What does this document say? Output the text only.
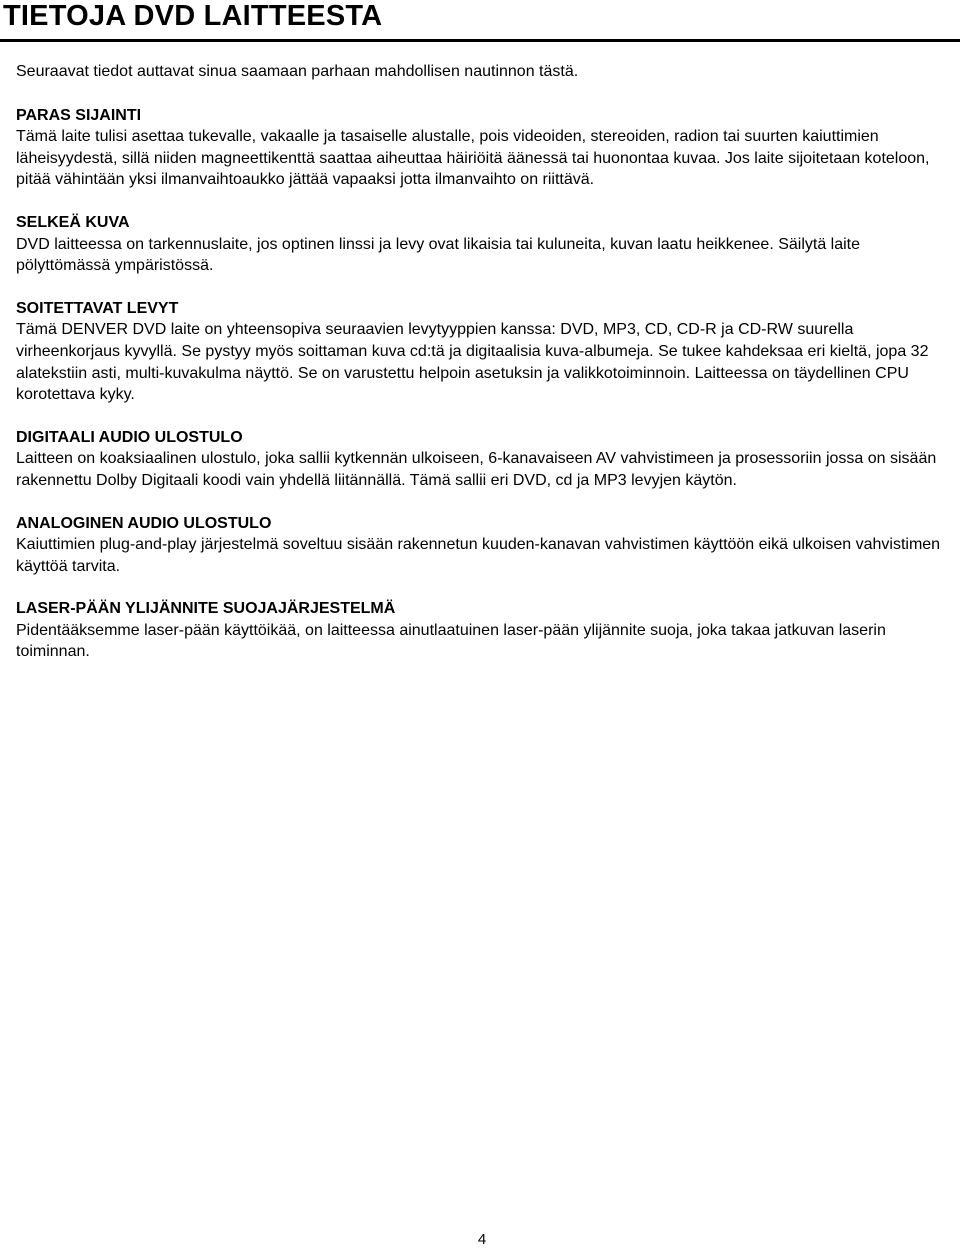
TIETOJA DVD LAITTEESTA

Seuraavat tiedot auttavat sinua saamaan parhaan mahdollisen nautinnon tästä.

PARAS SIJAINTI

Tämä laite tulisi asettaa tukevalle, vakaalle ja tasaiselle alustalle, pois videoiden, stereoiden, radion tai suurten kaiuttimien läheisyydestä, sillä niiden magneettikenttä saattaa aiheuttaa häiriöitä äänessä tai huonontaa kuvaa. Jos laite sijoitetaan koteloon, pitää vähintään yksi ilmanvaihtoaukko jättää vapaaksi jotta ilmanvaihto on riittävä.

SELKEÄ KUVA

DVD laitteessa on tarkennuslaite, jos optinen linssi ja levy ovat likaisia tai kuluneita, kuvan laatu heikkenee. Säilytä laite pölyttömässä ympäristössä.

SOITETTAVAT LEVYT

Tämä DENVER DVD laite on yhteensopiva seuraavien levytyyppien kanssa: DVD, MP3, CD, CD-R ja CD-RW suurella virheenkorjaus kyvyllä. Se pystyy myös soittaman kuva cd:tä ja digitaalisia kuva-albumeja. Se tukee kahdeksaa eri kieltä, jopa 32 alatekstiin asti, multi-kuvakulma näyttö. Se on varustettu helpoin asetuksin ja valikkotoiminnoin. Laitteessa on täydellinen CPU korotettava kyky.

DIGITAALI AUDIO ULOSTULO

Laitteen on koaksiaalinen ulostulo, joka sallii kytkennän ulkoiseen, 6-kanavaiseen AV vahvistimeen ja prosessoriin jossa on sisään rakennettu Dolby Digitaali koodi vain yhdellä liitännällä. Tämä sallii eri DVD, cd ja MP3 levyjen käytön.

ANALOGINEN AUDIO ULOSTULO

Kaiuttimien plug-and-play järjestelmä soveltuu sisään rakennetun kuuden-kanavan vahvistimen käyttöön eikä ulkoisen vahvistimen käyttöä tarvita.

LASER-PÄÄN YLIJÄNNITE SUOJAJÄRJESTELMÄ

Pidentääksemme laser-pään käyttöikää, on laitteessa ainutlaatuinen laser-pään ylijännite suoja, joka takaa jatkuvan laserin toiminnan.

4
